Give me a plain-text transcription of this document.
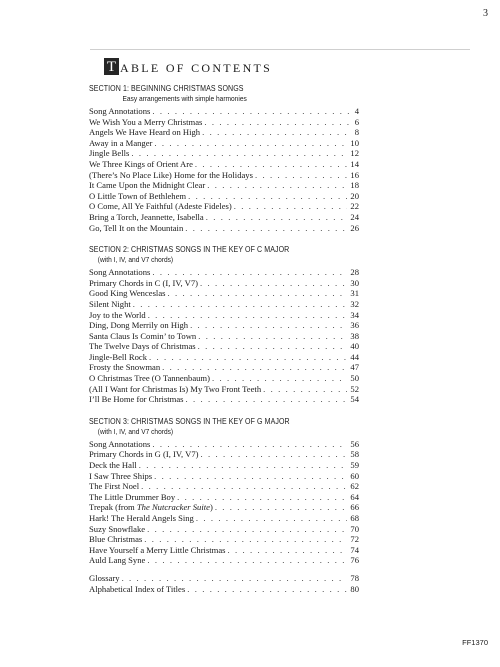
3
T ABLE OF CONTENTS
SECTION 1: BEGINNING CHRISTMAS SONGS
Easy arrangements with simple harmonies
Song Annotations . . .	4
We Wish You a Merry Christmas . . .	6
Angels We Have Heard on High . . .	8
Away in a Manger . . .	10
Jingle Bells . . .	12
We Three Kings of Orient Are . . .	14
(There’s No Place Like) Home for the Holidays . . .	16
It Came Upon the Midnight Clear . . .	18
O Little Town of Bethlehem . . .	20
O Come, All Ye Faithful (Adeste Fideles) . . .	22
Bring a Torch, Jeannette, Isabella . . .	24
Go, Tell It on the Mountain . . .	26
SECTION 2: CHRISTMAS SONGS IN THE KEY OF C MAJOR
(with I, IV, and V7 chords)
Song Annotations . . .	28
Primary Chords in C (I, IV, V7) . . .	30
Good King Wenceslas . . .	31
Silent Night . . .	32
Joy to the World . . .	34
Ding, Dong Merrily on High . . .	36
Santa Claus Is Comin’ to Town . . .	38
The Twelve Days of Christmas . . .	40
Jingle-Bell Rock . . .	44
Frosty the Snowman . . .	47
O Christmas Tree (O Tannenbaum) . . .	50
(All I Want for Christmas Is) My Two Front Teeth . . .	52
I’ll Be Home for Christmas . . .	54
SECTION 3: CHRISTMAS SONGS IN THE KEY OF G MAJOR
(with I, IV, and V7 chords)
Song Annotations . . .	56
Primary Chords in G (I, IV, V7) . . .	58
Deck the Hall . . .	59
I Saw Three Ships . . .	60
The First Noel . . .	62
The Little Drummer Boy . . .	64
Trepak (from The Nutcracker Suite) . . .	66
Hark! The Herald Angels Sing . . .	68
Suzy Snowflake . . .	70
Blue Christmas . . .	72
Have Yourself a Merry Little Christmas . . .	74
Auld Lang Syne . . .	76
Glossary . . .	78
Alphabetical Index of Titles . . .	80
FF1370
